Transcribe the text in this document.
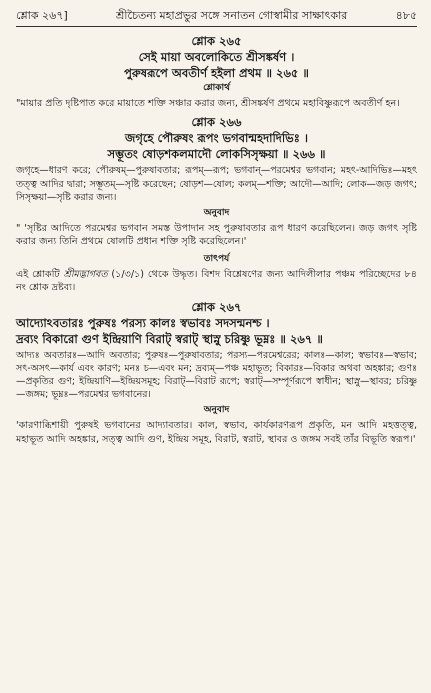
শ্লোক ২৬৭]	শ্রীচৈতন্য মহাপ্রভুর সঙ্গে সনাতন গোস্বামীর সাক্ষাৎকার	৪৮৫
শ্লোক ২৬৫
সেই মায়া অবলোকিতে শ্রীসঙ্কর্ষণ ।
পুরুষরূপে অবতীর্ণ হইলা প্রথম ॥ ২৬৫ ॥
শ্লোকার্থ
"মায়ার প্রতি দৃষ্টিপাত করে মায়াতে শক্তি সঞ্চার করার জন্য, শ্রীসঙ্কর্ষণ প্রথমে মহাবিষ্ণুরূপে অবতীর্ণ হন।
শ্লোক ২৬৬
জগৃহে পৌরুষং রূপং ভগবান্মহদাদিভিঃ ।
সম্ভূতং ষোড়শকলমাদৌ লোকসিসৃক্ষয়া ॥ ২৬৬ ॥
জগৃহে—ধারণ করে; পৌরুষম্—পুরুষাবতার; রূপম্—রূপ; ভগবান্—পরমেশ্বর ভগবান; মহৎ-আদিভিঃ—মহৎ তত্ত্ব আদির দ্বারা; সম্ভূতম্—সৃষ্টি করেছেন; ষোড়শ—ষোল; কলম্—শক্তি; আদৌ—আদি; লোক—জড় জগৎ; সিসৃক্ষয়া—সৃষ্টি করার জন্য।
অনুবাদ
" 'সৃষ্টির আদিতে পরমেশ্বর ভগবান সমস্ত উপাদান সহ পুরুষাবতার রূপ ধারণ করেছিলেন। জড় জগৎ সৃষ্টি করার জন্য তিনি প্রথমে ষোলটি প্রধান শক্তি সৃষ্টি করেছিলেন।'
তাৎপর্য
এই শ্লোকটি শ্রীমদ্ভাগবত (১/৩/১) থেকে উদ্ধৃত। বিশদ বিশ্লেষণের জন্য আদিলীলার পঞ্চম পরিচ্ছেদের ৮৪ নং শ্লোক দ্রষ্টব্য।
শ্লোক ২৬৭
আদ্যোঽবতারঃ পুরুষঃ পরস্য কালঃ স্বভাবঃ সদসন্মনশ্চ ।
দ্রব্যং বিকারো গুণ ইন্দ্রিয়াণি বিরাট্ স্বরাট্ স্থাস্নু চরিষ্ণু ভূম্নঃ ॥ ২৬৭ ॥
আদ্যঃ অবতারঃ—আদি অবতার; পুরুষঃ—পুরুষাবতার; পরস্য—পরমেশ্বরের; কালঃ—কাল; স্বভাবঃ—স্বভাব; সৎ-অসৎ—কার্য এবং কারণ; মনঃ চ—এবং মন; দ্রব্যম্—পঞ্চ মহাভূত; বিকারঃ—বিকার অথবা অহঙ্কার; গুণঃ—প্রকৃতির গুণ; ইন্দ্রিয়াণি—ইন্দ্রিয়সমূহ; বিরাট্—বিরাট রূপে; স্বরাট্—সম্পূর্ণরূপে স্বাধীন; স্থাস্নু—স্থাবর; চরিষ্ণু—জঙ্গম; ভূম্নঃ—পরমেশ্বর ভগবানের।
অনুবাদ
'কারণাব্ধিশায়ী পুরুষই ভগবানের আদ্যাবতার। কাল, স্বভাব, কার্যকারণরূপ প্রকৃতি, মন আদি মহত্তত্ত্ব, মহাভূত আদি অহঙ্কার, সত্ত্ব আদি গুণ, ইন্দ্রিয় সমূহ, বিরাট, স্বরাট, স্থাবর ও জঙ্গম সবই তাঁর বিভূতি স্বরূপ।'
